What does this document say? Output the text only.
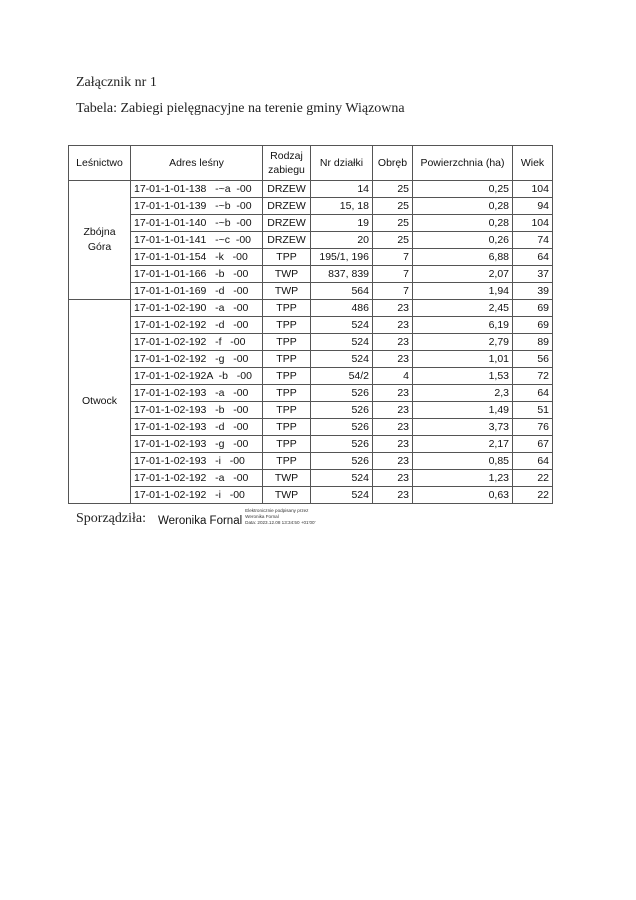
Załącznik nr 1
Tabela: Zabiegi pielęgnacyjne na terenie gminy Wiązowna
Leśnictwo	Adres leśny	Rodzaj
zabiegu	Nr działki	Obręb	Powierzchnia (ha)	Wiek

Zbójna
Góra	17-01-1-01-138   -~a  -00	DRZEW	14	25	0,25	104
	17-01-1-01-139   -~b  -00	DRZEW	15, 18	25	0,28	94
	17-01-1-01-140   -~b  -00	DRZEW	19	25	0,28	104
	17-01-1-01-141   -~c  -00	DRZEW	20	25	0,26	74
	17-01-1-01-154   -k   -00	TPP	195/1, 196	7	6,88	64
	17-01-1-01-166   -b   -00	TWP	837, 839	7	2,07	37
	17-01-1-01-169   -d   -00	TWP	564	7	1,94	39

Otwock	17-01-1-02-190   -a   -00	TPP	486	23	2,45	69
	17-01-1-02-192   -d   -00	TPP	524	23	6,19	69
	17-01-1-02-192   -f   -00	TPP	524	23	2,79	89
	17-01-1-02-192   -g   -00	TPP	524	23	1,01	56
	17-01-1-02-192A  -b   -00	TPP	54/2	4	1,53	72
	17-01-1-02-193   -a   -00	TPP	526	23	2,3	64
	17-01-1-02-193   -b   -00	TPP	526	23	1,49	51
	17-01-1-02-193   -d   -00	TPP	526	23	3,73	76
	17-01-1-02-193   -g   -00	TPP	526	23	2,17	67
	17-01-1-02-193   -i   -00	TPP	526	23	0,85	64
	17-01-1-02-192   -a   -00	TWP	524	23	1,23	22
	17-01-1-02-192   -i   -00	TWP	524	23	0,63	22
Sporządziła: Weronika Fornal
Elektronicznie podpisany przez
Weronika Fornal
Data: 2023.12.08 13:34:50 +01'00'
